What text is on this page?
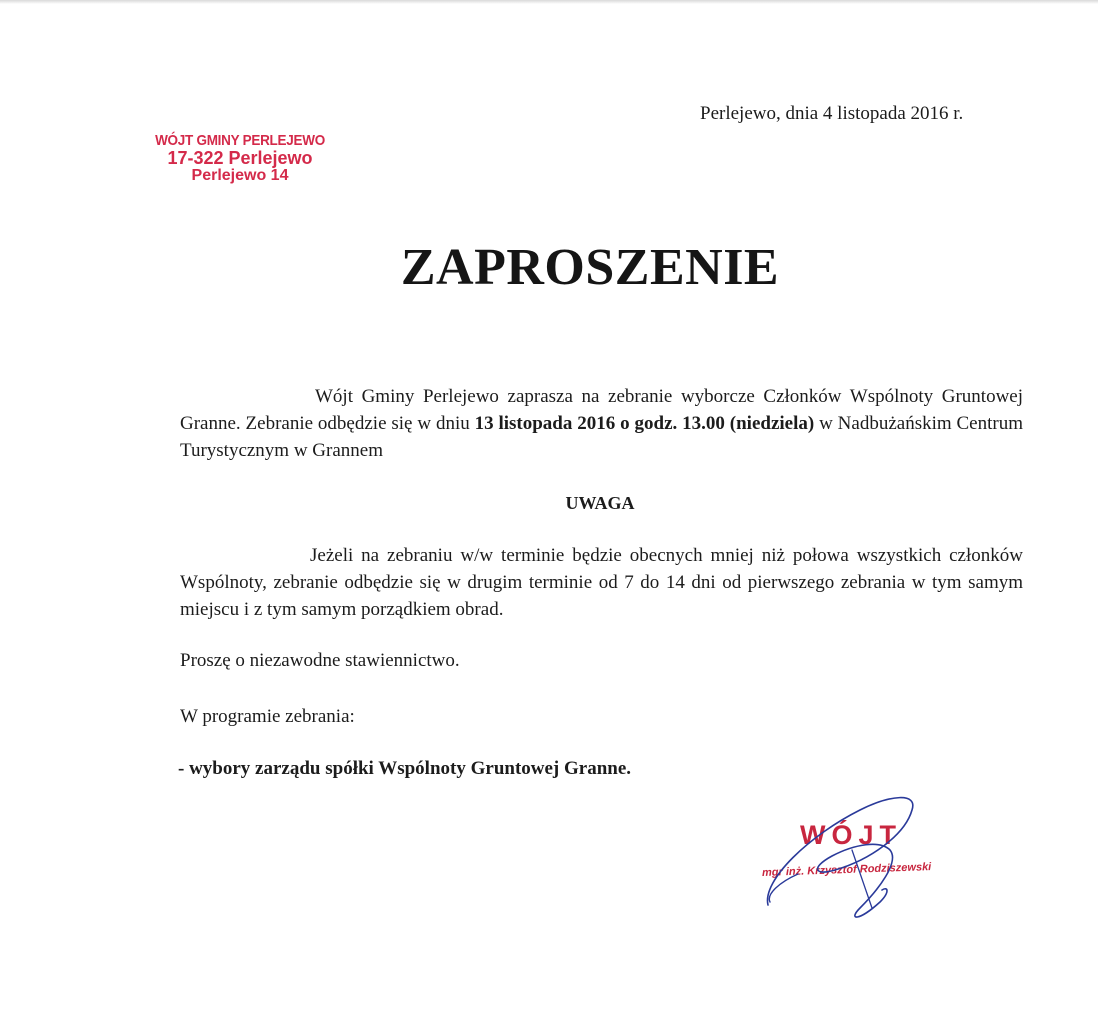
Perlejewo, dnia 4 listopada 2016 r.
WÓJT GMINY PERLEJEWO
17-322 Perlejewo
Perlejewo 14
ZAPROSZENIE
Wójt Gminy Perlejewo zaprasza na zebranie wyborcze Członków Wspólnoty Gruntowej Granne. Zebranie odbędzie się w dniu 13 listopada 2016 o godz. 13.00 (niedziela) w Nadbużańskim Centrum Turystycznym w Grannem
UWAGA
Jeżeli na zebraniu w/w terminie będzie obecnych mniej niż połowa wszystkich członków Wspólnoty, zebranie odbędzie się w drugim terminie od 7 do 14 dni od pierwszego zebrania w tym samym miejscu i z tym samym porządkiem obrad.
Proszę o niezawodne stawiennictwo.
W programie zebrania:
- wybory zarządu spółki Wspólnoty Gruntowej Granne.
WÓJT
mgr inż. Krzysztof Rodziszewski
